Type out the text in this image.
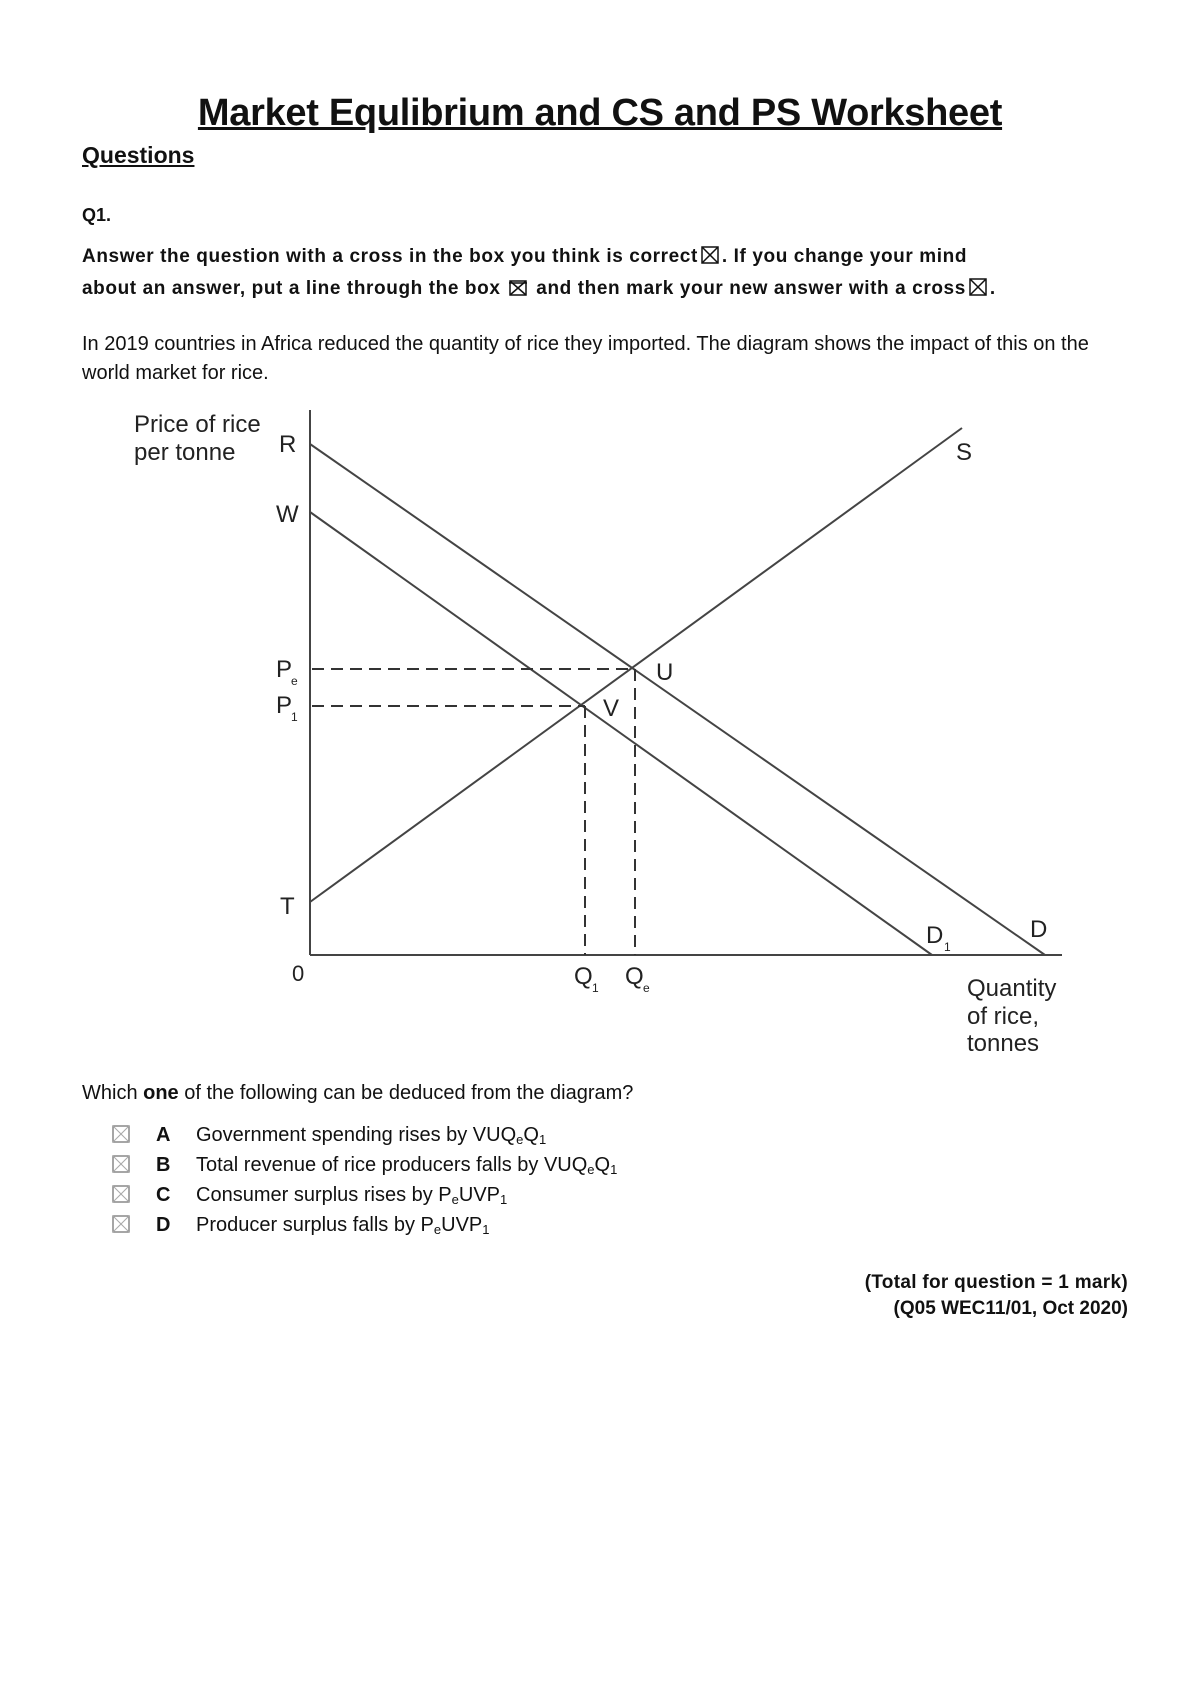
Market Equlibrium and CS and PS Worksheet
Questions
Q1.
Answer the question with a cross in the box you think is correct ☒ . If you change your mind
about an answer, put a line through the box and then mark your new answer with a cross ☒ .
In 2019 countries in Africa reduced the quantity of rice they imported. The diagram shows the impact of this on the world market for rice.
Price of rice
per tonne
Quantity
of rice,
tonnes
0
R
W
P
e
P
1
T
Q 1 Q e
S
D
D 1
U
V
Which one of the following can be deduced from the diagram?
A Government spending rises by $VUQ_eQ_1$
B Total revenue of rice producers falls by $VUQ_eQ_1$
C Consumer surplus rises by $P_eUVP_1$
D Producer surplus falls by $P_eUVP_1$
(Total for question = 1 mark)
(Q05 WEC11/01, Oct 2020)
